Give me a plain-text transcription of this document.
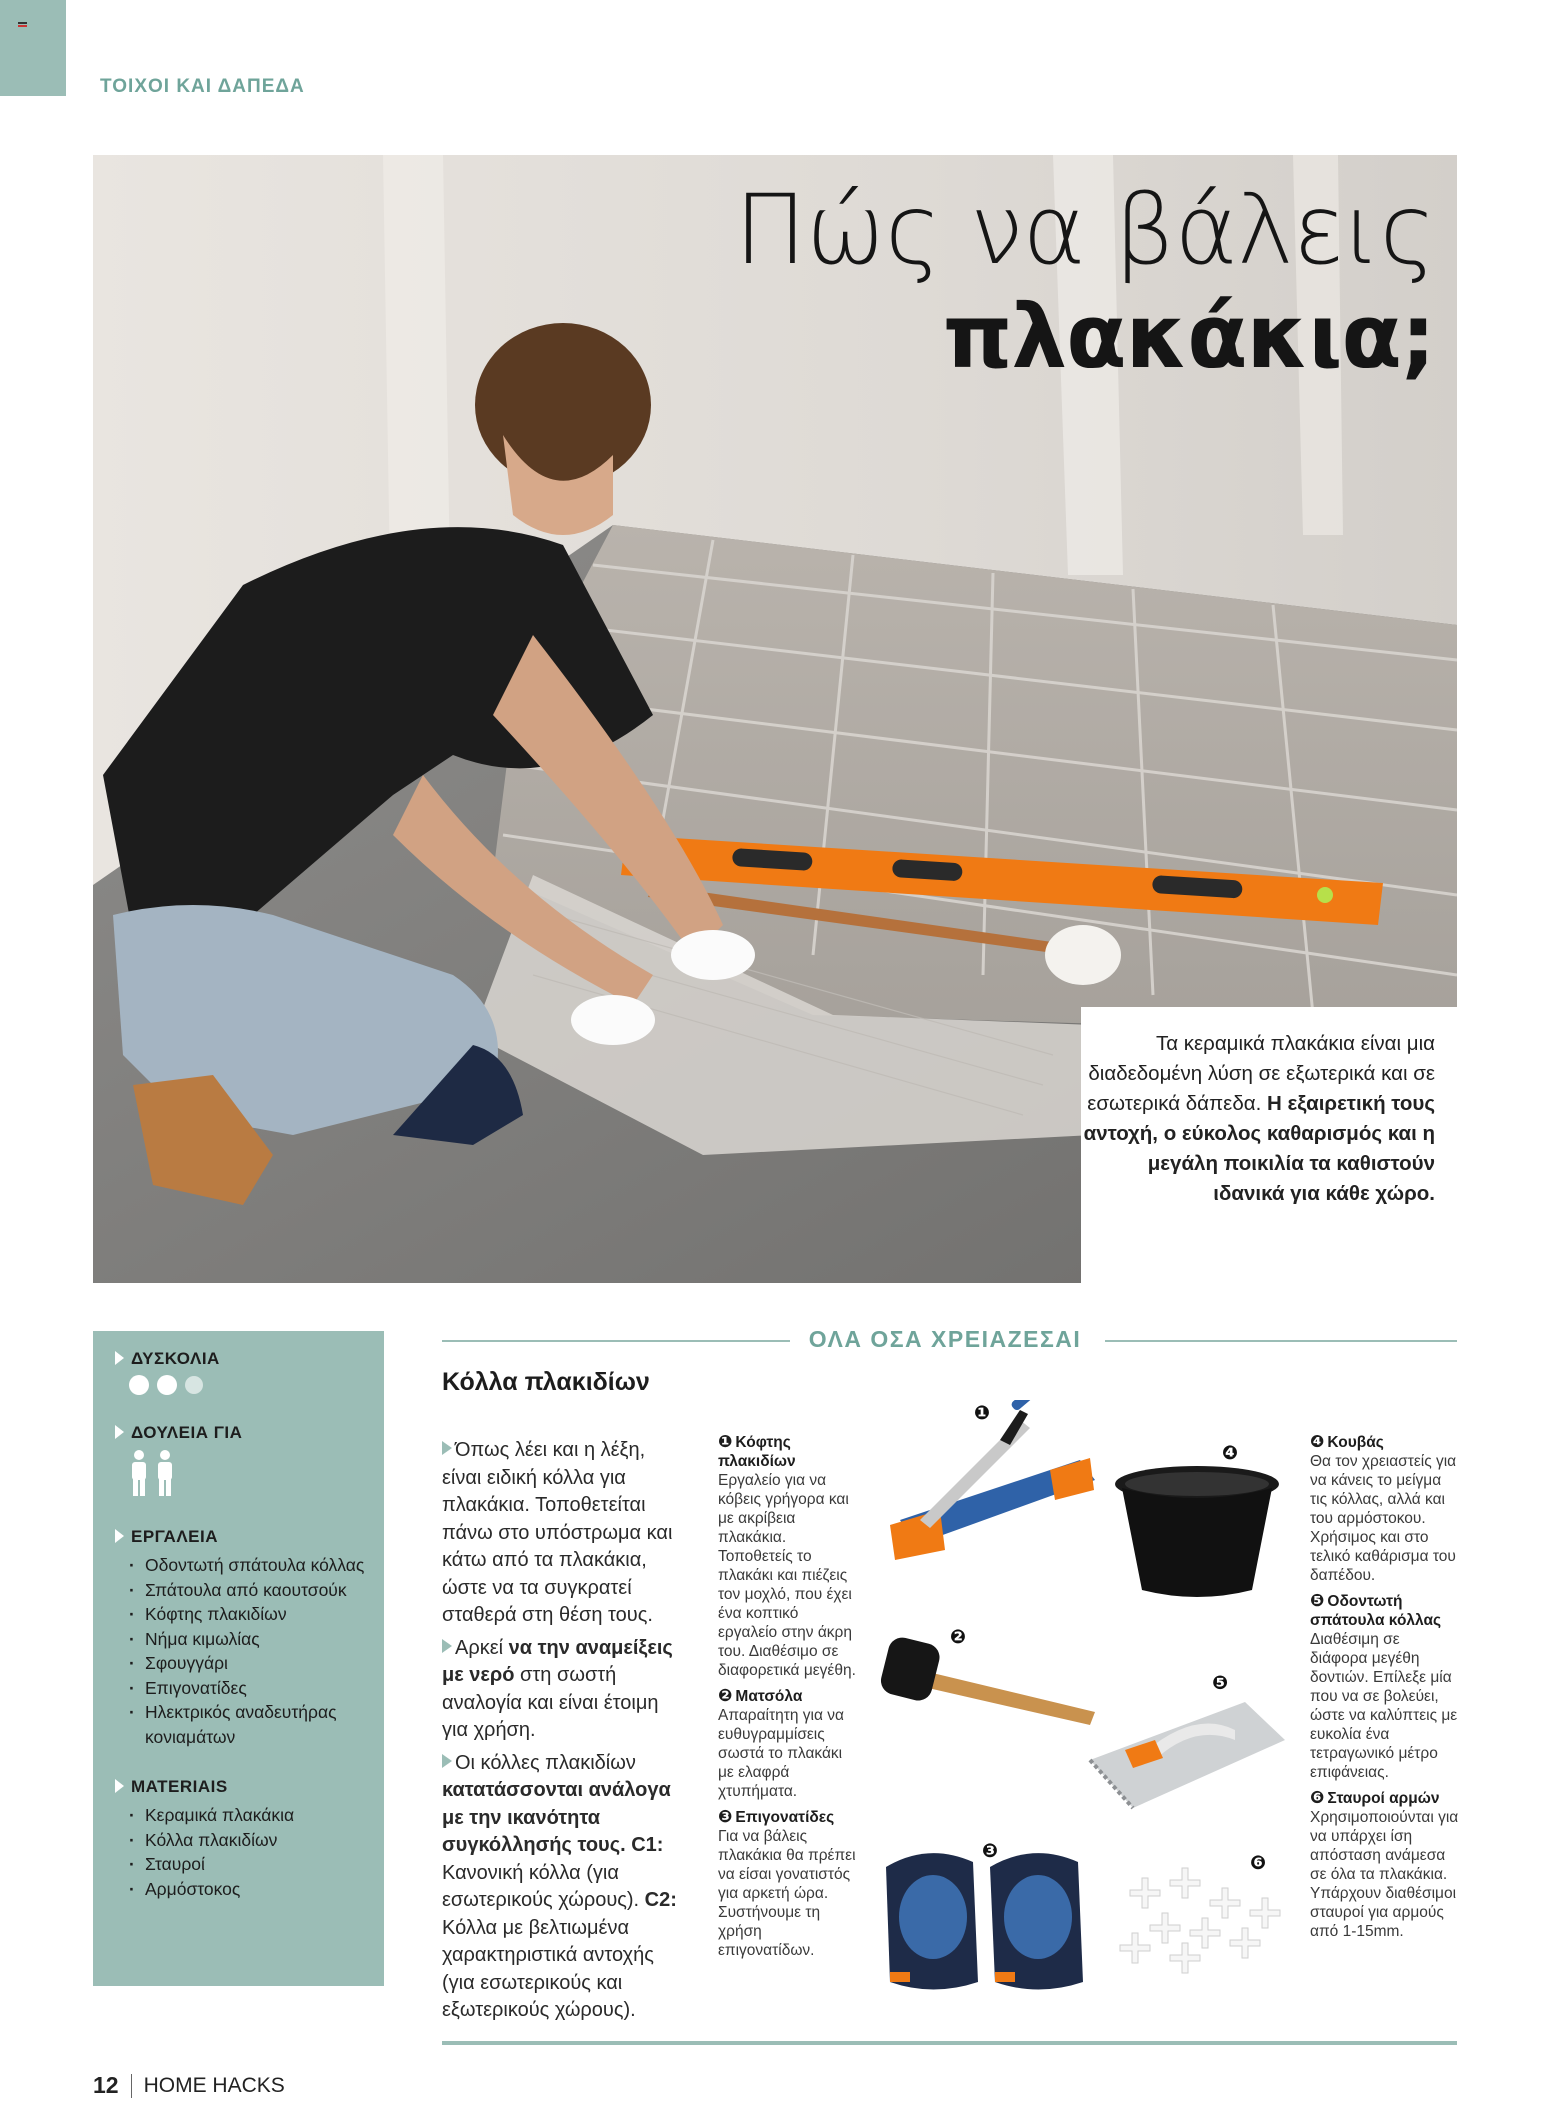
ΤΟΙΧΟΙ ΚΑΙ ΔΑΠΕΔΑ
Πώς να βάλεις
πλακάκια;
Τα κεραμικά πλακάκια είναι μια διαδεδομένη λύση σε εξωτερικά και σε εσωτερικά δάπεδα. Η εξαιρετική τους αντοχή, ο εύκολος καθαρισμός και η μεγάλη ποικιλία τα καθιστούν ιδανικά για κάθε χώρο.
ΔΥΣΚΟΛΙΑ
ΔΟΥΛΕΙΑ ΓΙΑ
ΕΡΓΑΛΕΙΑ
· Οδοντωτή σπάτουλα κόλλας
· Σπάτουλα από καουτσούκ
· Κόφτης πλακιδίων
· Νήμα κιμωλίας
· Σφουγγάρι
· Επιγονατίδες
· Ηλεκτρικός αναδευτήρας κονιαμάτων
MATERIAIS
· Κεραμικά πλακάκια
· Κόλλα πλακιδίων
· Σταυροί
· Αρμόστοκος
ΟΛΑ ΟΣΑ ΧΡΕΙΑΖΕΣΑΙ
Κόλλα πλακιδίων

Όπως λέει και η λέξη, είναι ειδική κόλλα για πλακάκια. Τοποθετείται πάνω στο υπόστρωμα και κάτω από τα πλακάκια, ώστε να τα συγκρατεί σταθερά στη θέση τους.

Αρκεί να την αναμείξεις με νερό στη σωστή αναλογία και είναι έτοιμη για χρήση.

Οι κόλλες πλακιδίων κατατάσσονται ανάλογα με την ικανότητα συγκόλλησής τους. C1: Κανονική κόλλα (για εσωτερικούς χώρους). C2: Κόλλα με βελτιωμένα χαρακτηριστικά αντοχής (για εσωτερικούς και εξωτερικούς χώρους).

❶ Κόφτης πλακιδίων
Εργαλείο για να κόβεις γρήγορα και με ακρίβεια πλακάκια. Τοποθετείς το πλακάκι και πιέζεις τον μοχλό, που έχει ένα κοπτικό εργαλείο στην άκρη του. Διαθέσιμο σε διαφορετικά μεγέθη.
❷ Ματσόλα
Απαραίτητη για να ευθυγραμμίσεις σωστά το πλακάκι με ελαφρά χτυπήματα.
❸ Επιγονατίδες
Για να βάλεις πλακάκια θα πρέπει να είσαι γονατιστός για αρκετή ώρα. Συστήνουμε τη χρήση επιγονατίδων.
❹ Κουβάς
Θα τον χρειαστείς για να κάνεις το μείγμα τις κόλλας, αλλά και του αρμόστοκου. Χρήσιμος και στο τελικό καθάρισμα του δαπέδου.
❺ Οδοντωτή σπάτουλα κόλλας
Διαθέσιμη σε διάφορα μεγέθη δοντιών. Επίλεξε μία που να σε βολεύει, ώστε να καλύπτεις με ευκολία ένα τετραγωνικό μέτρο επιφάνειας.
❻ Σταυροί αρμών
Χρησιμοποιούνται για να υπάρχει ίση απόσταση ανάμεσα σε όλα τα πλακάκια. Υπάρχουν διαθέσιμοι σταυροί για αρμούς από 1-15mm.
❶
❹
❷
❺
❸
❻
12 HOME HACKS
